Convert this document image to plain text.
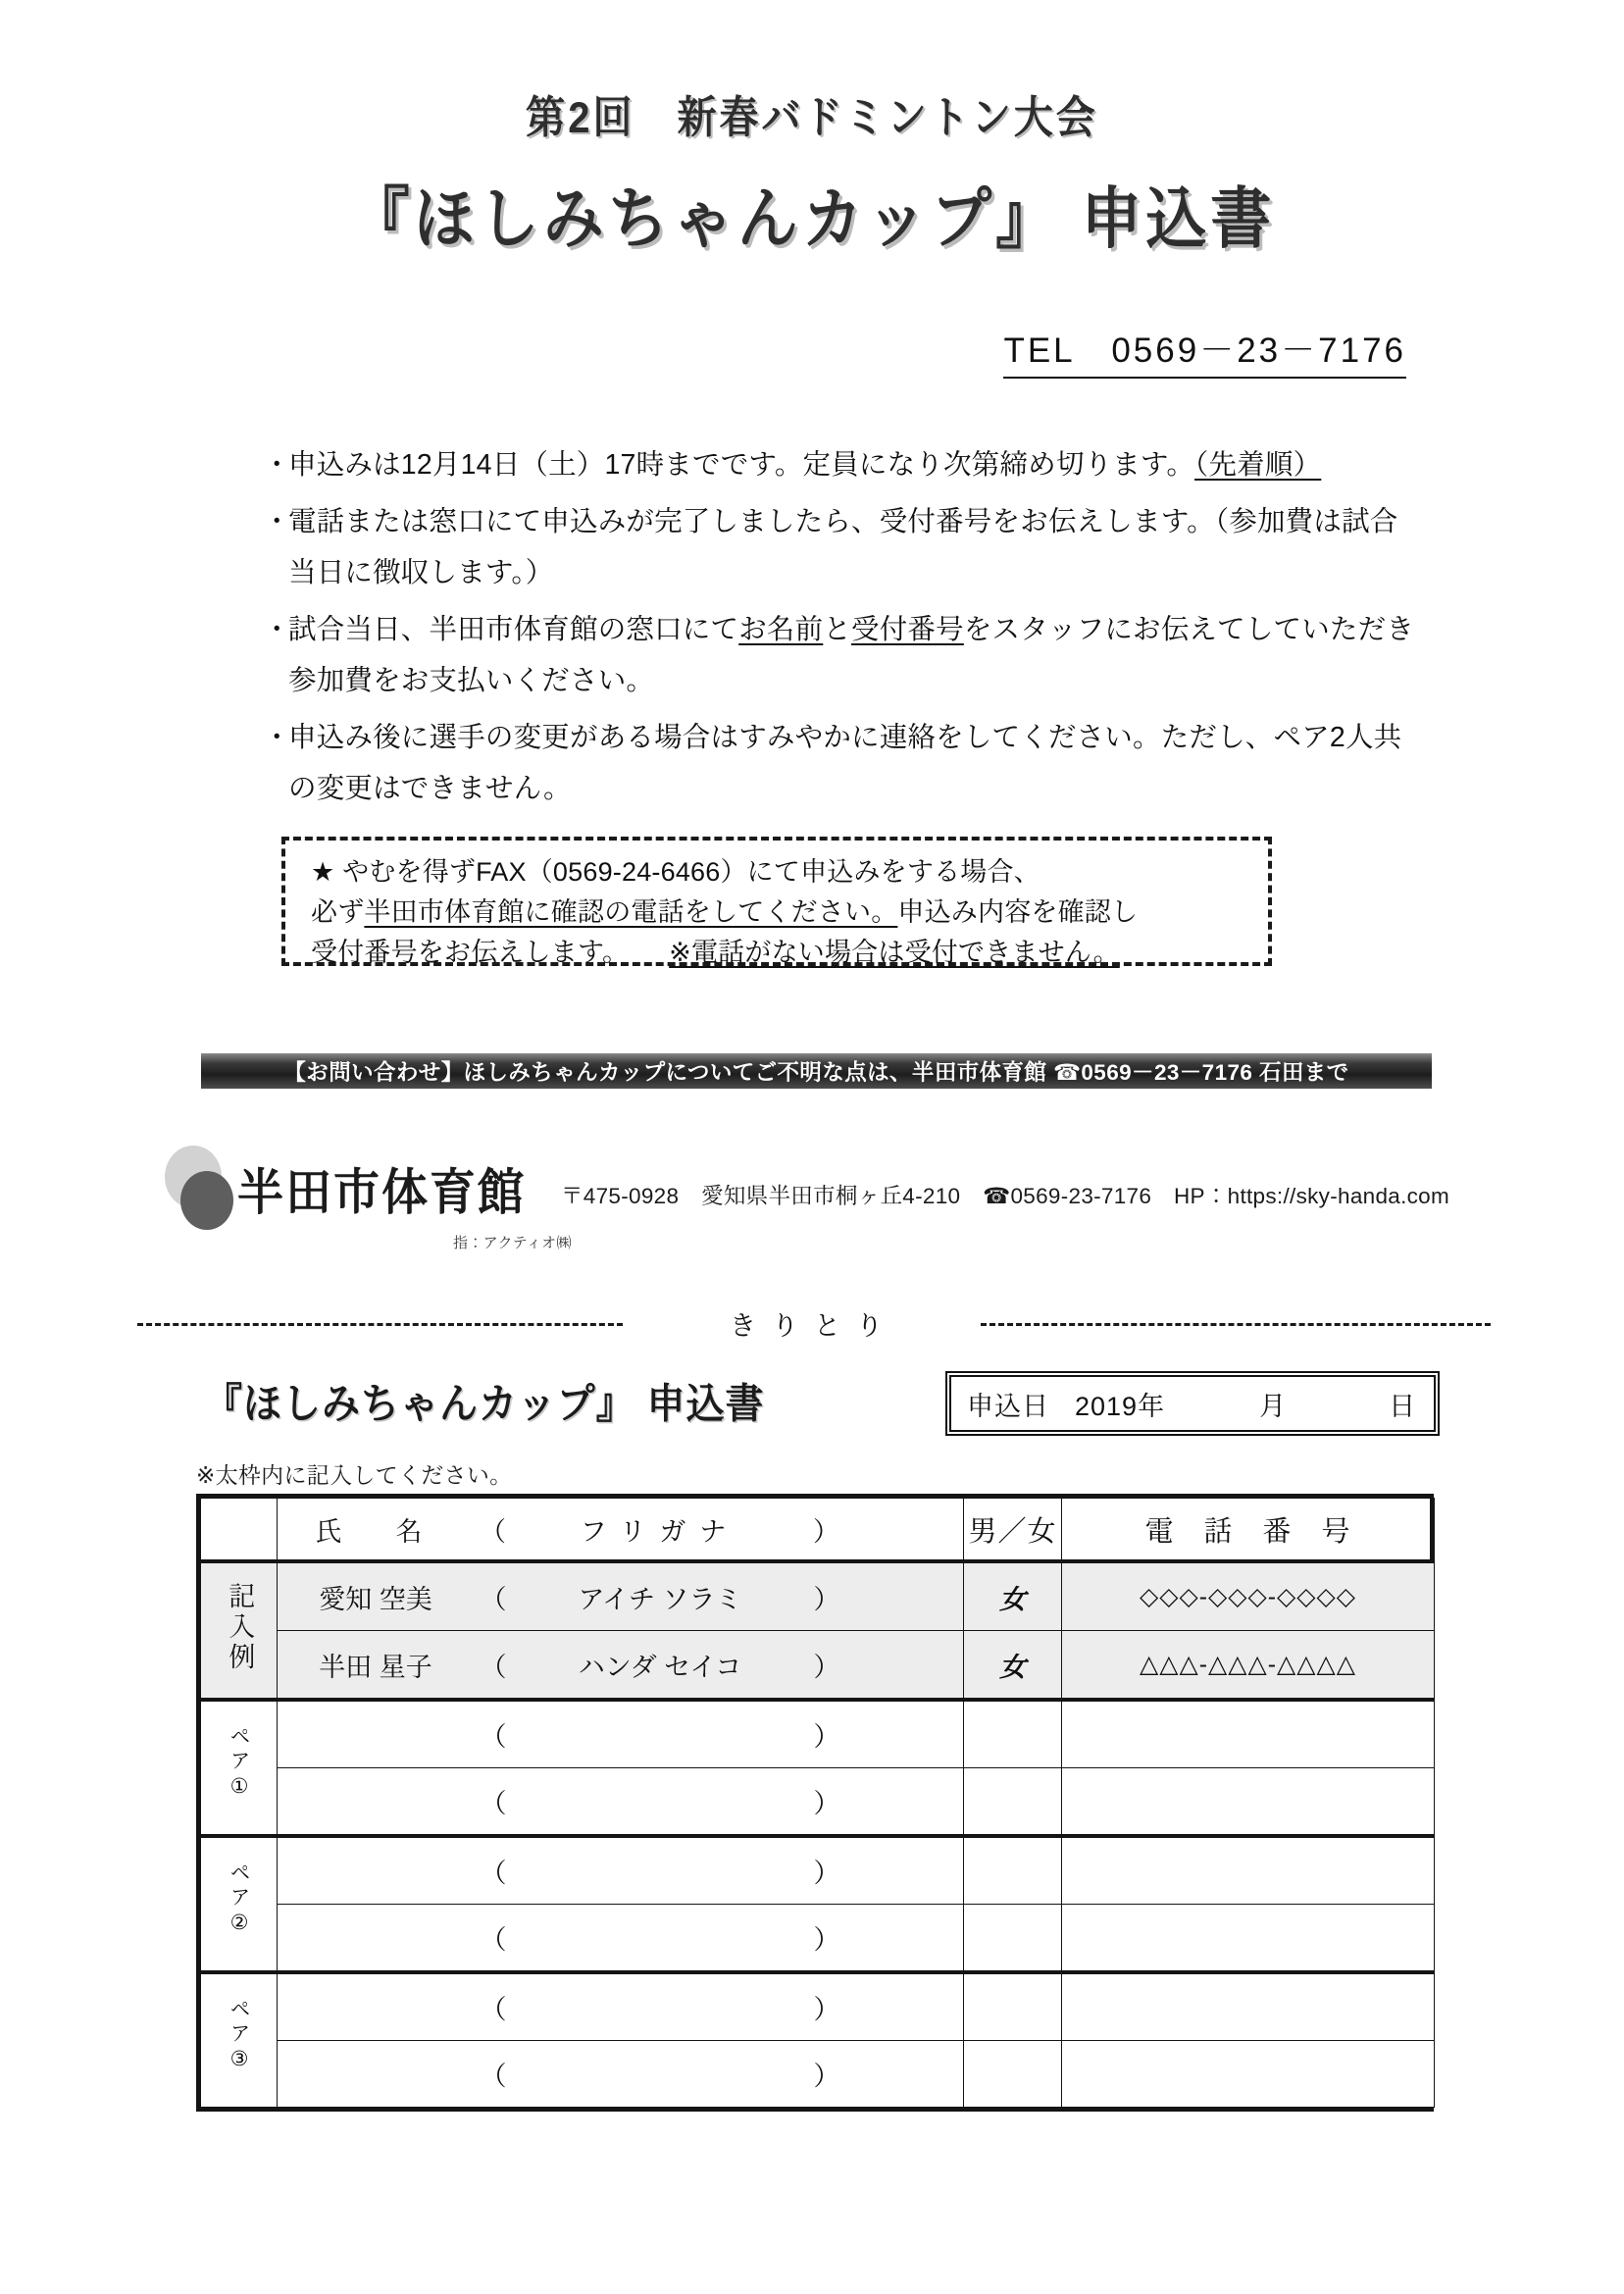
第2回　新春バドミントン大会
『ほしみちゃんカップ』 申込書
TEL　0569－23－7176
・
申込みは12月14日（土）17時までです。定員になり次第締め切ります。（先着順）
・
電話または窓口にて申込みが完了しましたら、受付番号をお伝えします。（参加費は試合
当日に徴収します。）
・
試合当日、半田市体育館の窓口にてお名前と受付番号をスタッフにお伝えてしていただき
参加費をお支払いください。
・
申込み後に選手の変更がある場合はすみやかに連絡をしてください。ただし、ペア2人共
の変更はできません。
★ やむを得ずFAX（0569-24-6466）にて申込みをする場合、
必ず半田市体育館に確認の電話をしてください。申込み内容を確認し
受付番号をお伝えします。　　※電話がない場合は受付できません。
【お問い合わせ】ほしみちゃんカップについてご不明な点は、半田市体育館 ☎0569－23－7176 石田まで
半田市体育館 〒475-0928　愛知県半田市桐ヶ丘4-210　☎0569-23-7176　HP：https://sky-handa.com
指：アクティオ㈱
きりとり
『ほしみちゃんカップ』 申込書	申込日 2019年	月	日
※太枠内に記入してください。

	氏　名 （ フリガナ ）	男／女	電　話　番　号
記入例	愛知 空美 （ アイチ ソラミ ）	女	◇◇◇-◇◇◇-◇◇◇◇

	半田 星子 （ ハンダ セイコ ）	女	△△△-△△△-△△△△
ペア①	（ ）		

	（ ）		

ペア②	（ ）		

	（ ）		

ペア③	（ ）		

	（ ）		
